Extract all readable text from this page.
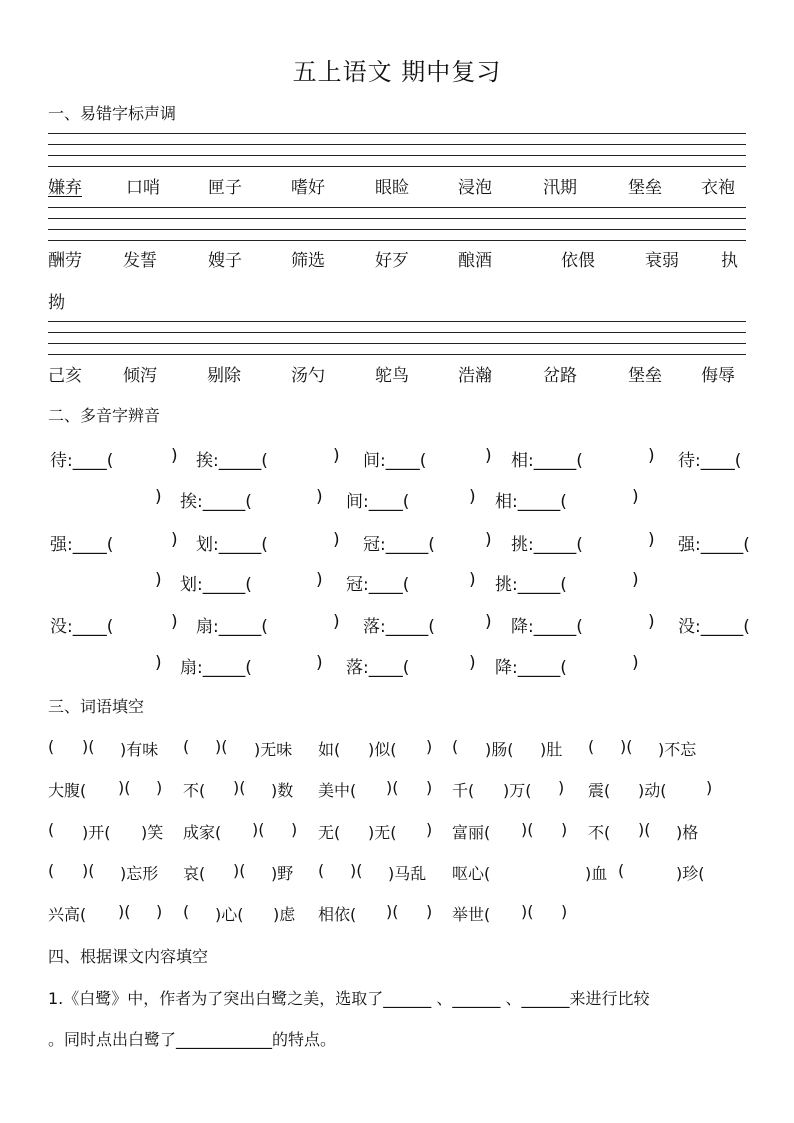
五上语文 期中复习
一、易错字标声调
嫌弃	口哨	匣子	嗜好	眼睑	浸泡	汛期	堡垒 衣袍
酬劳 发誓	嫂子	筛选	好歹	酿酒	依偎	衰弱 执
拗
己亥 倾泻	剔除	汤勺	鸵鸟	浩瀚	岔路	堡垒 侮辱
二、多音字辨音
待:____(	) 挨:_____(	) 间:____(	) 相:_____(	) 待:____(
) 挨:_____(	) 间:____(	) 相:_____(	)
强:____(	) 划:_____(	) 冠:_____(	) 挑:_____(	) 强:_____(
) 划:_____(	) 冠:____(	) 挑:_____(	)
没:____(	) 扇:_____(	) 落:_____(	) 降:_____(	) 没:_____(
) 扇:_____(	) 落:____(	) 降:_____(	)
三、词语填空
( )( )有味 ( )( )无味 如( )似( ) ( )肠( )肚 ( )( )不忘
大腹( )( ) 不( )( )数 美中( )( ) 千( )万( ) 震( )动( )
( )开( )笑 成家( )( ) 无( )无( ) 富丽( )( ) 不( )( )格
( )( )忘形 哀( )( )野 ( )( )马乱 呕心(	)血 (	)珍(
兴高( )( ) ( )心( )虑 相依( )( ) 举世( )( )
四、根据课文内容填空
1.《白鹭》中，作者为了突出白鹭之美，选取了______ 、______ 、______来进行比较
。同时点出白鹭了____________的特点。
